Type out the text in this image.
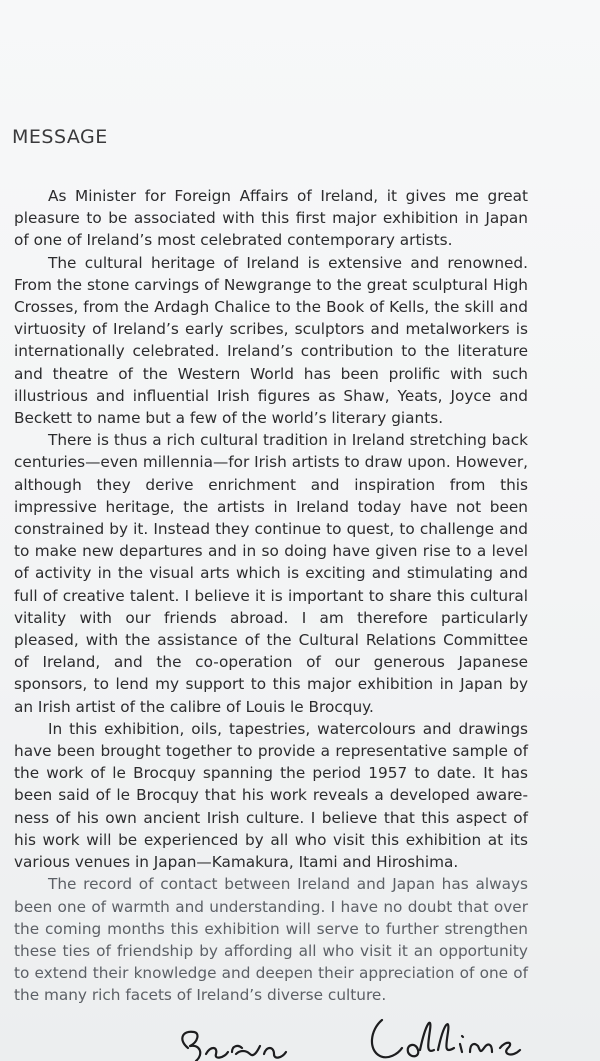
MESSAGE

As Minister for Foreign Affairs of Ireland, it gives me great pleasure to be associated with this first major exhibition in Japan of one of Ireland’s most celebrated contemporary artists.

The cultural heritage of Ireland is extensive and renowned. From the stone carvings of Newgrange to the great sculptural High Crosses, from the Ardagh Chalice to the Book of Kells, the skill and virtuosity of Ireland’s early scribes, sculptors and metalworkers is internationally celebrated. Ireland’s contribution to the literature and theatre of the Western World has been prolific with such illustrious and influential Irish figures as Shaw, Yeats, Joyce and Beckett to name but a few of the world’s literary giants.

There is thus a rich cultural tradition in Ireland stretching back centuries—even millennia—for Irish artists to draw upon. However, although they derive enrichment and inspiration from this impressive heritage, the artists in Ireland today have not been constrained by it. Instead they continue to quest, to challenge and to make new departures and in so doing have given rise to a level of activity in the visual arts which is exciting and stimulating and full of creative talent. I believe it is important to share this cultural vitality with our friends abroad. I am therefore particularly pleased, with the assistance of the Cultural Relations Committee of Ireland, and the co-operation of our generous Japanese sponsors, to lend my support to this major exhibition in Japan by an Irish artist of the calibre of Louis le Brocquy.

In this exhibition, oils, tapestries, watercolours and drawings have been brought together to provide a representative sample of the work of le Brocquy spanning the period 1957 to date. It has been said of le Brocquy that his work reveals a developed awareness of his own ancient Irish culture. I believe that this aspect of his work will be experienced by all who visit this exhibition at its various venues in Japan—Kamakura, Itami and Hiroshima.

The record of contact between Ireland and Japan has always been one of warmth and understanding. I have no doubt that over the coming months this exhibition will serve to further strengthen these ties of friendship by affording all who visit it an opportunity to extend their knowledge and deepen their appreciation of one of the many rich facets of Ireland’s diverse culture.
